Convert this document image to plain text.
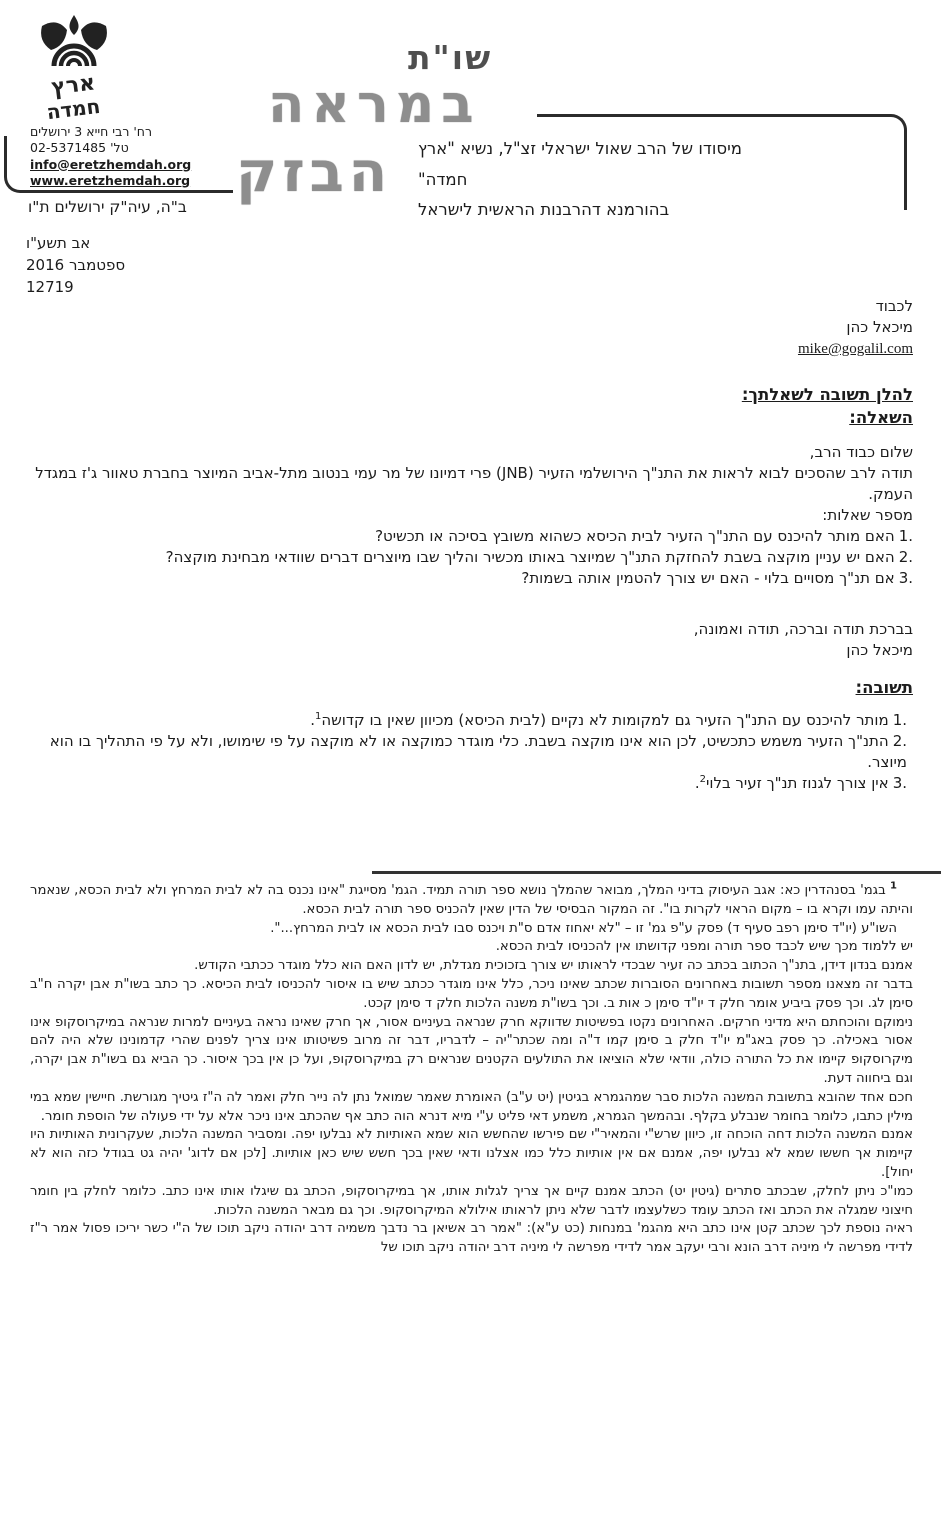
ארץ
חמדה
שו"ת
במראה
הבזק מיסודו של הרב שאול ישראלי זצ"ל, נשיא "ארץ חמדה"
בהורמנא דהרבנות הראשית לישראל
רח' רבי חייא 3 ירושלים
טל' 02-5371485
info@eretzhemdah.org
www.eretzhemdah.org
ב"ה, עיה"ק ירושלים ת"ו
אב תשע"ו
ספטמבר 2016
12719
לכבוד
מיכאל כהן
mike@gogalil.com
להלן תשובה לשאלתך:
השאלה:

שלום כבוד הרב,

תודה לרב שהסכים לבוא לראות את התנ"ך הירושלמי הזעיר (JNB) פרי דמיונו של מר עמי בנטוב מתל-אביב המיוצר בחברת טאוור ג'ז במגדל העמק.

מספר שאלות:

1.האם מותר להיכנס עם התנ"ך הזעיר לבית הכיסא כשהוא משובץ בסיכה או תכשיט?

2.האם יש עניין מוקצה בשבת להחזקת התנ"ך שמיוצר באותו מכשיר והליך שבו מיוצרים דברים שוודאי מבחינת מוקצה?

3.אם תנ"ך מסויים בלוי - האם יש צורך להטמין אותה בשמות?

בברכת תודה וברכה, תודה ואמונה,
מיכאל כהן
תשובה:

1.מותר להיכנס עם התנ"ך הזעיר גם למקומות לא נקיים (לבית הכיסא) מכיוון שאין בו קדושה$^1$.

2.התנ"ך הזעיר משמש כתכשיט, לכן הוא אינו מוקצה בשבת. כלי מוגדר כמוקצה או לא מוקצה על פי שימושו, ולא על פי התהליך בו הוא מיוצר.

3.אין צורך לגנוז תנ"ך זעיר בלוי$^2$.

$^1$ בגמ' בסנהדרין כא: אגב העיסוק בדיני המלך, מבואר שהמלך נושא ספר תורה תמיד. הגמ' מסייגת "אינו נכנס בה לא לבית המרחץ ולא לבית הכסא, שנאמר והיתה עמו וקרא בו – מקום הראוי לקרות בו". זה המקור הבסיסי של הדין שאין להכניס ספר תורה לבית הכסא.

השו"ע (יו"ד סימן רפב סעיף ד) פסק ע"פ גמ' זו – "לא יאחוז אדם ס"ת ויכנס סבו לבית הכסא או לבית המרחץ...".

יש ללמוד מכך שיש לכבד ספר תורה ומפני קדושתו אין להכניסו לבית הכסא.

אמנם בנדון דידן, בתנ"ך הכתוב בכתב כה זעיר שבכדי לראותו יש צורך בזכוכית מגדלת, יש לדון האם הוא כלל מוגדר ככתבי הקודש.

בדבר זה מצאנו מספר תשובות באחרונים הסוברות שכתב שאינו ניכר, כלל אינו מוגדר ככתב שיש בו איסור להכניסו לבית הכיסא. כך כתב בשו"ת אבן יקרה ח"ב סימן לג. וכך פסק ביביע אומר חלק ד יו"ד סימן כ אות ב. וכך בשו"ת משנה הלכות חלק ד סימן קכט.

נימוקם והוכחתם היא מדיני חרקים. האחרונים נקטו בפשיטות שדווקא חרק שנראה בעיניים אסור, אך חרק שאינו נראה בעיניים למרות שנראה במיקרוסקופ אינו אסור באכילה. כך פסק באג"מ יו"ד חלק ב סימן קמו ד"ה ומה שכתר"יה – לדבריו, דבר זה מרוב פשיטותו אינו צריך לפנים שהרי קדמונינו שלא היה להם מיקרוסקופ קיימו את כל התורה כולה, וודאי שלא הוציאו את התולעים הקטנים שנראים רק במיקרוסקופ, ועל כן אין בכך איסור. כך הביא גם בשו"ת אבן יקרה, וגם ביחווה דעת.

חכם אחד שהובא בתשובת המשנה הלכות סבר שמהגמרא בגיטין (יט ע"ב) האומרת שאמר שמואל נתן לה נייר חלק ואמר לה ה"ז גיטיך מגורשת. חיישין שמא במי מילין כתבו, כלומר בחומר שנבלע בקלף. ובהמשך הגמרא, משמע דאי פליט ע"י מיא דנרא הוה כתב אף שהכתב אינו ניכר אלא על ידי פעולה של הוספת חומר.

אמנם המשנה הלכות דחה הוכחה זו, כיוון שרש"י והמאיר"י שם פירשו שהחשש הוא שמא האותיות לא נבלעו יפה. ומסביר המשנה הלכות, שעקרונית האותיות היו קיימות אך חששו שמא לא נבלעו יפה, אמנם אם אין אותיות כלל כמו אצלנו ודאי שאין בכך חשש שיש כאן אותיות. [לכן אם לדוג' יהיה גט בגודל כזה הוא לא יחול].

כמו"כ ניתן לחלק, שבכתב סתרים (גיטין יט) הכתב אמנם קיים אך צריך לגלות אותו, אך במיקרוסקופ, הכתב גם שיגלו אותו אינו כתב. כלומר לחלק בין חומר חיצוני שמגלה את הכתב ואז הכתב עומד כשלעצמו לדבר שלא ניתן לראותו אילולא המיקרוסקופ. וכך גם מבאר המשנה הלכות.

ראיה נוספת לכך שכתב קטן אינו כתב היא מהגמ' במנחות (כט ע"א): "אמר רב אשיאן בר נדבך משמיה דרב יהודה ניקב תוכו של ה"י כשר יריכו פסול אמר ר"ז לדידי מפרשה לי מיניה דרב הונא ורבי יעקב אמר לדידי מפרשה לי מיניה דרב יהודה ניקב תוכו של
